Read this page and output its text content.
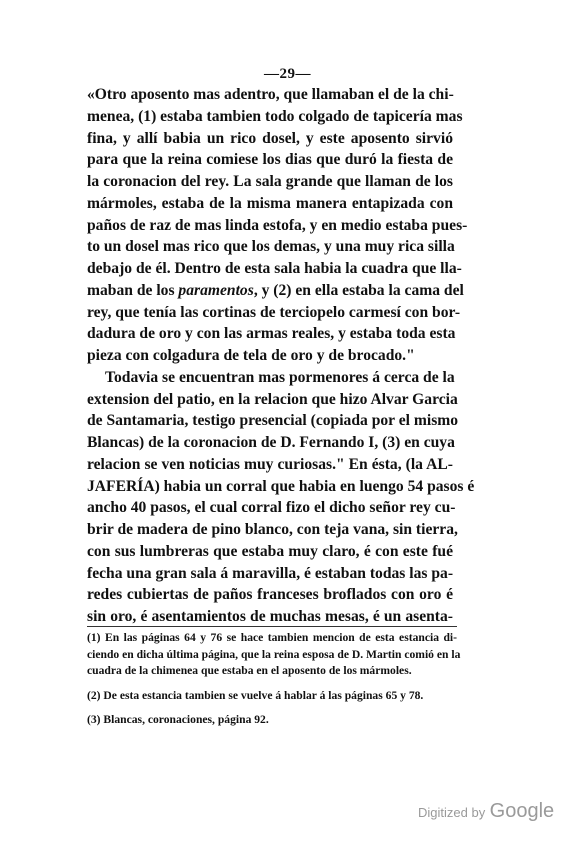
—29—
«Otro aposento mas adentro, que llamaban el de la chi-
menea, (1) estaba tambien todo colgado de tapicería mas
fina, y allí babia un rico dosel, y este aposento sirvió
para que la reina comiese los dias que duró la fiesta de
la coronacion del rey. La sala grande que llaman de los
mármoles, estaba de la misma manera entapizada con
paños de raz de mas linda estofa, y en medio estaba pues-
to un dosel mas rico que los demas, y una muy rica silla
debajo de él. Dentro de esta sala habia la cuadra que lla-
maban de los paramentos, y (2) en ella estaba la cama del
rey, que tenía las cortinas de terciopelo carmesí con bor-
dadura de oro y con las armas reales, y estaba toda esta
pieza con colgadura de tela de oro y de brocado."
Todavia se encuentran mas pormenores á cerca de la
extension del patio, en la relacion que hizo Alvar Garcia
de Santamaria, testigo presencial (copiada por el mismo
Blancas) de la coronacion de D. Fernando I, (3) en cuya
relacion se ven noticias muy curiosas." En ésta, (la AL-
JAFERÍA) habia un corral que habia en luengo 54 pasos é
ancho 40 pasos, el cual corral fizo el dicho señor rey cu-
brir de madera de pino blanco, con teja vana, sin tierra,
con sus lumbreras que estaba muy claro, é con este fué
fecha una gran sala á maravilla, é estaban todas las pa-
redes cubiertas de paños franceses broflados con oro é
sin oro, é asentamientos de muchas mesas, é un asenta-
(1) En las páginas 64 y 76 se hace tambien mencion de esta estancia di-
ciendo en dicha última página, que la reina esposa de D. Martin comió en la
cuadra de la chimenea que estaba en el aposento de los mármoles.
(2) De esta estancia tambien se vuelve á hablar á las páginas 65 y 78.
(3) Blancas, coronaciones, página 92.
Digitized by Google
